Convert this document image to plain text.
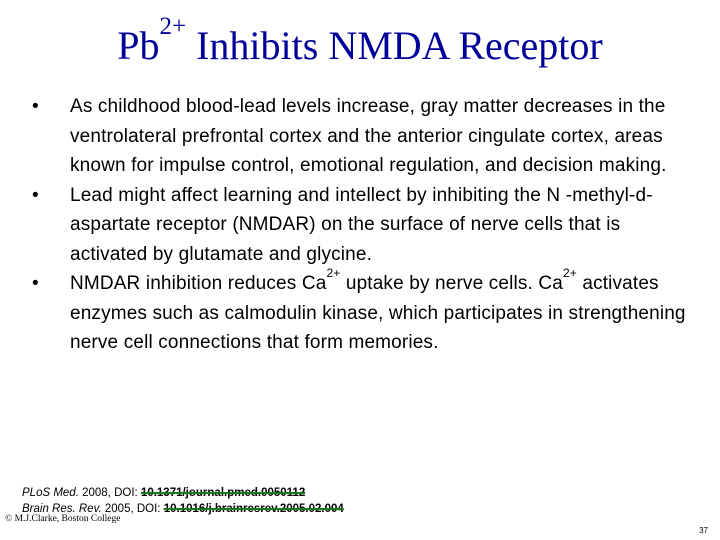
$Pb^{2+}$ Inhibits NMDA Receptor
• As childhood blood-lead levels increase, gray matter decreases in the ventrolateral prefrontal cortex and the anterior cingulate cortex, areas known for impulse control, emotional regulation, and decision making.
• Lead might affect learning and intellect by inhibiting the N -methyl-d-aspartate receptor (NMDAR) on the surface of nerve cells that is activated by glutamate and glycine.
• NMDAR inhibition reduces $Ca^{2+}$ uptake by nerve cells. $Ca^{2+}$ activates enzymes such as calmodulin kinase, which participates in strengthening nerve cell connections that form memories.
PLoS Med. 2008, DOI: 10.1371/journal.pmed.0050112
Brain Res. Rev. 2005, DOI: 10.1016/j.brainresrev.2005.02.004
© M.J.Clarke, Boston College
37
